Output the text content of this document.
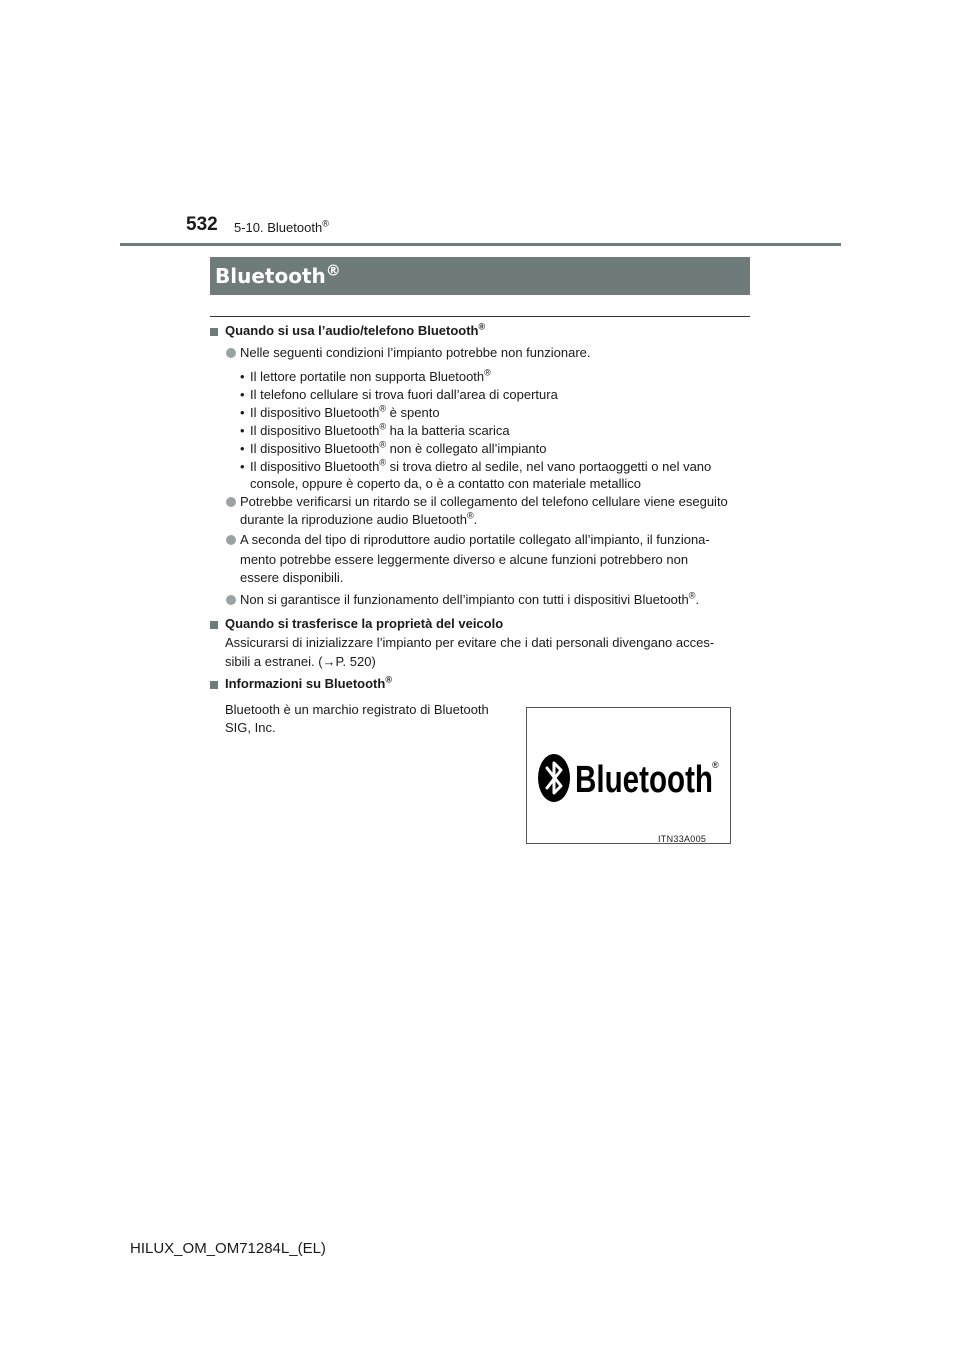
532 5-10. Bluetooth®
Bluetooth®
Quando si usa l’audio/telefono Bluetooth®
Nelle seguenti condizioni l’impianto potrebbe non funzionare.
• Il lettore portatile non supporta Bluetooth®
• Il telefono cellulare si trova fuori dall’area di copertura
• Il dispositivo Bluetooth® è spento
• Il dispositivo Bluetooth® ha la batteria scarica
• Il dispositivo Bluetooth® non è collegato all’impianto
• Il dispositivo Bluetooth® si trova dietro al sedile, nel vano portaoggetti o nel vano
console, oppure è coperto da, o è a contatto con materiale metallico
Potrebbe verificarsi un ritardo se il collegamento del telefono cellulare viene eseguito
durante la riproduzione audio Bluetooth®.
A seconda del tipo di riproduttore audio portatile collegato all’impianto, il funziona-
mento potrebbe essere leggermente diverso e alcune funzioni potrebbero non
essere disponibili.
Non si garantisce il funzionamento dell’impianto con tutti i dispositivi Bluetooth®.
Quando si trasferisce la proprietà del veicolo
Assicurarsi di inizializzare l’impianto per evitare che i dati personali divengano acces-
sibili a estranei. (→P. 520)
Informazioni su Bluetooth®
Bluetooth è un marchio registrato di Bluetooth
SIG, Inc.
Bluetooth ®
ITN33A005
HILUX_OM_OM71284L_(EL)
